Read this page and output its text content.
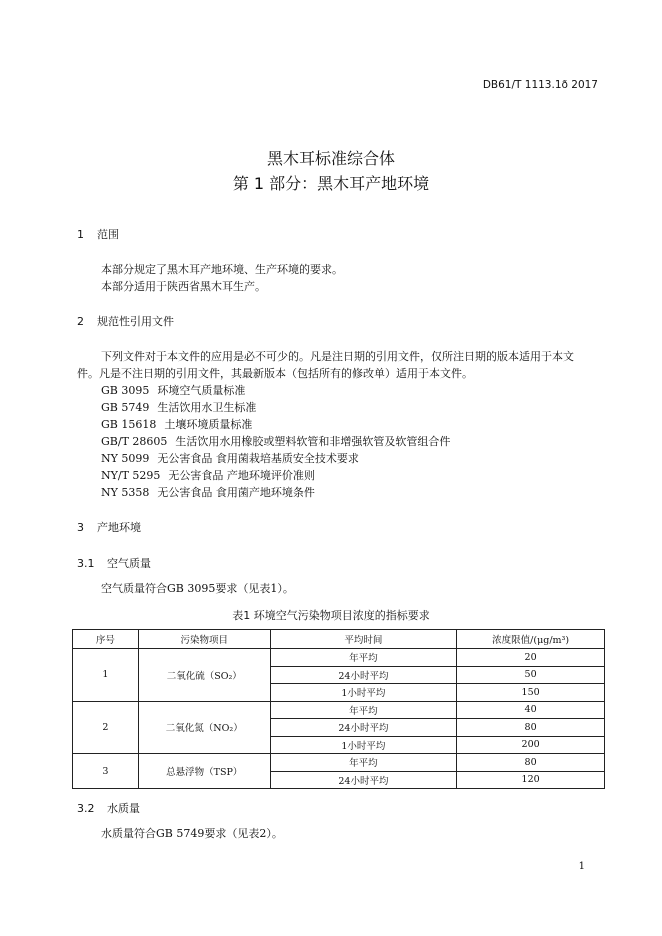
DB61/T 1113.1ð 2017
黑木耳标准综合体
第 1 部分：黑木耳产地环境
1 范围
本部分规定了黑木耳产地环境、生产环境的要求。
本部分适用于陕西省黑木耳生产。
2 规范性引用文件
下列文件对于本文件的应用是必不可少的。凡是注日期的引用文件，仅所注日期的版本适用于本文
件。凡是不注日期的引用文件，其最新版本（包括所有的修改单）适用于本文件。
GB 3095 环境空气质量标准
GB 5749 生活饮用水卫生标准
GB 15618 土壤环境质量标准
GB/T 28605 生活饮用水用橡胶或塑料软管和非增强软管及软管组合件
NY 5099 无公害食品 食用菌栽培基质安全技术要求
NY/T 5295 无公害食品 产地环境评价准则
NY 5358 无公害食品 食用菌产地环境条件
3 产地环境
3.1 空气质量
空气质量符合GB 3095要求（见表1）。
表1 环境空气污染物项目浓度的指标要求
序号	污染物项目	平均时间	浓度限值/(μg/m³)
1	二氧化硫（SO₂）	年平均	20
		24小时平均	50
		1小时平均	150
2	二氧化氮（NO₂）	年平均	40
		24小时平均	80
		1小时平均	200
3	总悬浮物（TSP）	年平均	80
		24小时平均	120
3.2 水质量
水质量符合GB 5749要求（见表2）。
1
